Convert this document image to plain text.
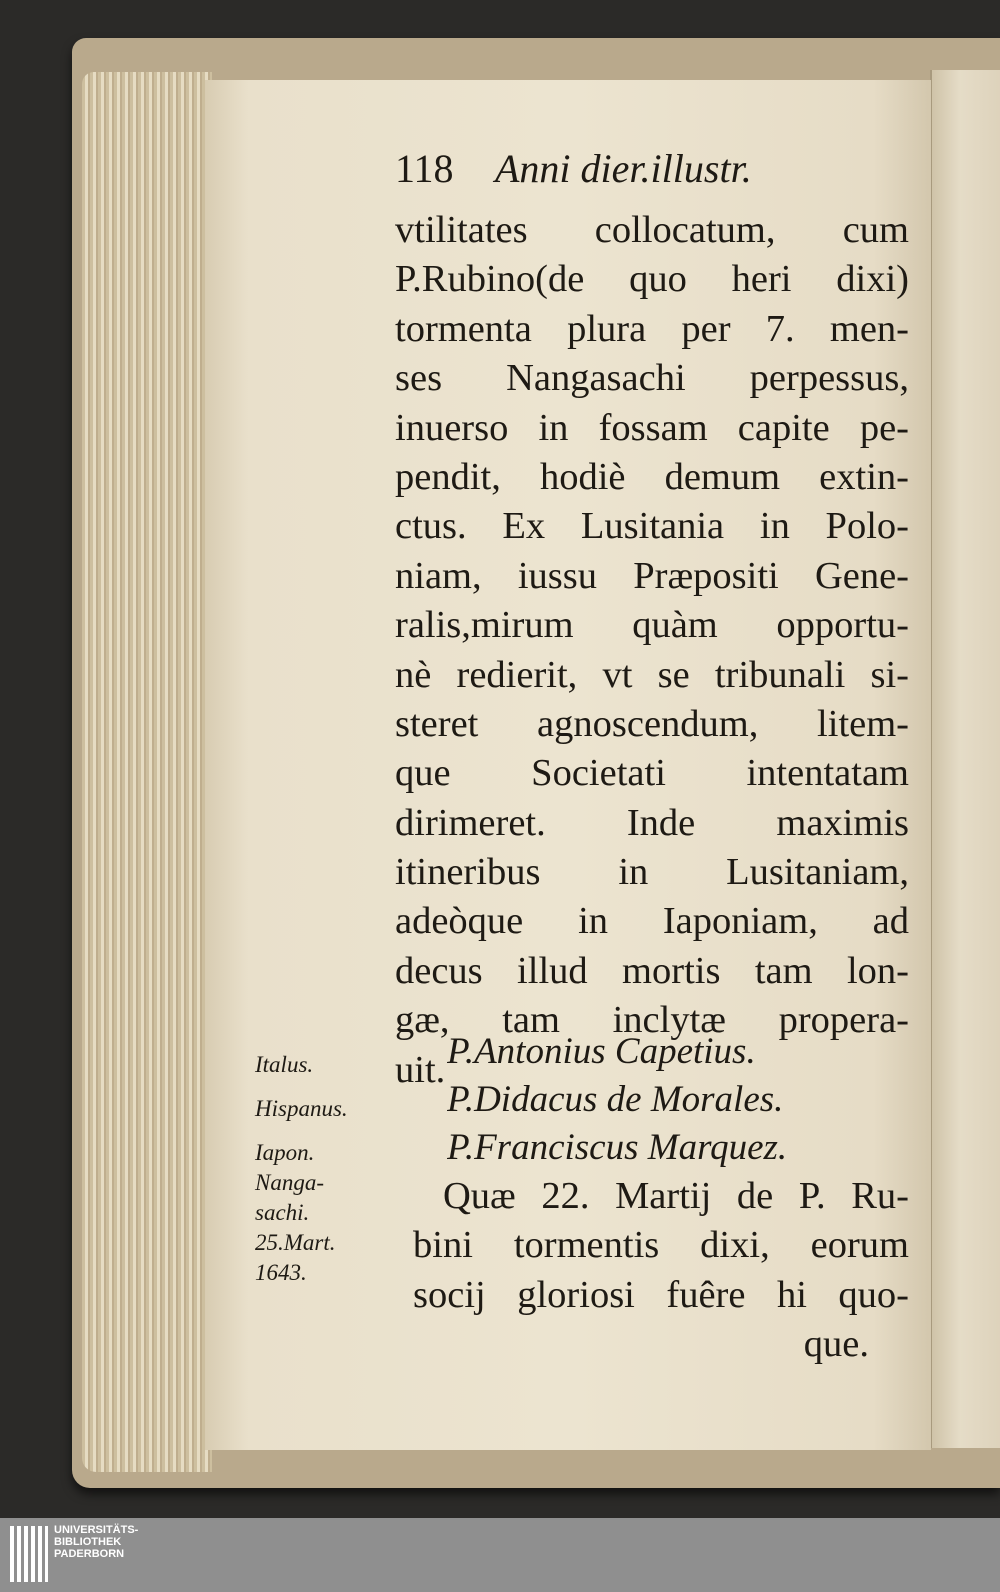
118 Anni dier.illustr.
vtilitates collocatum, cum
P.Rubino(de quo heri dixi)
tormenta plura per 7. men-
ses Nangasachi perpessus,
inuerso in fossam capite pe-
pendit, hodiè demum extin-
ctus. Ex Lusitania in Polo-
niam, iussu Præpositi Gene-
ralis,mirum quàm opportu-
nè redierit, vt se tribunali si-
steret agnoscendum, litem-
que Societati intentatam
dirimeret. Inde maximis
itineribus in Lusitaniam,
adeòque in Iaponiam, ad
decus illud mortis tam lon-
gæ, tam inclytæ propera-
uit. P.Antonius Capetius.
P.Didacus de Morales.
P.Franciscus Marquez.
Quæ 22. Martij de P. Ru-
bini tormentis dixi, eorum
socij gloriosi fuêre hi quo-
que.
Italus.
Hispanus.
Iapon.
Nanga-
sachi.
25.Mart.
1643.
UNIVERSITÄTS-
BIBLIOTHEK
PADERBORN
